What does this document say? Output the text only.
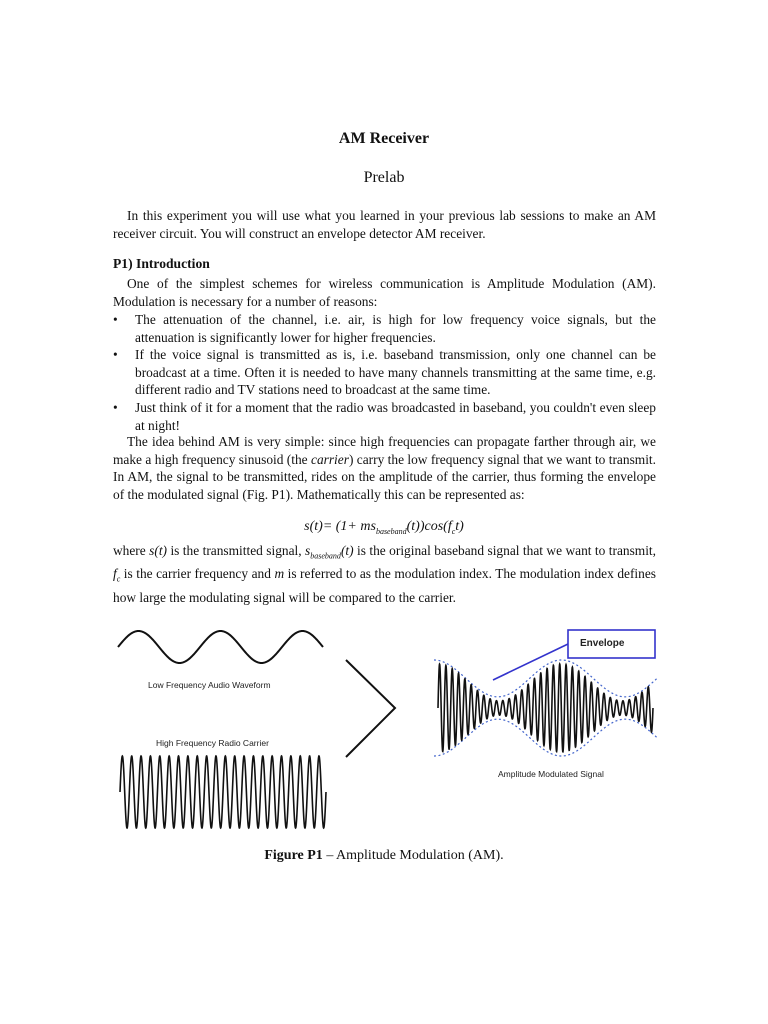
AM Receiver
Prelab
In this experiment you will use what you learned in your previous lab sessions to make an AM receiver circuit. You will construct an envelope detector AM receiver.
P1) Introduction
One of the simplest schemes for wireless communication is Amplitude Modulation (AM). Modulation is necessary for a number of reasons:
• The attenuation of the channel, i.e. air, is high for low frequency voice signals, but the attenuation is significantly lower for higher frequencies.
• If the voice signal is transmitted as is, i.e. baseband transmission, only one channel can be broadcast at a time. Often it is needed to have many channels transmitting at the same time, e.g. different radio and TV stations need to broadcast at the same time.
• Just think of it for a moment that the radio was broadcasted in baseband, you couldn't even sleep at night!
The idea behind AM is very simple: since high frequencies can propagate farther through air, we make a high frequency sinusoid (the carrier) carry the low frequency signal that we want to transmit. In AM, the signal to be transmitted, rides on the amplitude of the carrier, thus forming the envelope of the modulated signal (Fig. P1). Mathematically this can be represented as:
$s(t)= (1+ ms_{baseband}(t))\cos(f_ct)$
where s(t) is the transmitted signal, $s_{baseband}(t)$ is the original baseband signal that we want to transmit, $f_c$ is the carrier frequency and m is referred to as the modulation index. The modulation index defines how large the modulating signal will be compared to the carrier.
Low Frequency Audio Waveform
High Frequency Radio Carrier
Envelope
Amplitude Modulated Signal
Figure P1 – Amplitude Modulation (AM).
